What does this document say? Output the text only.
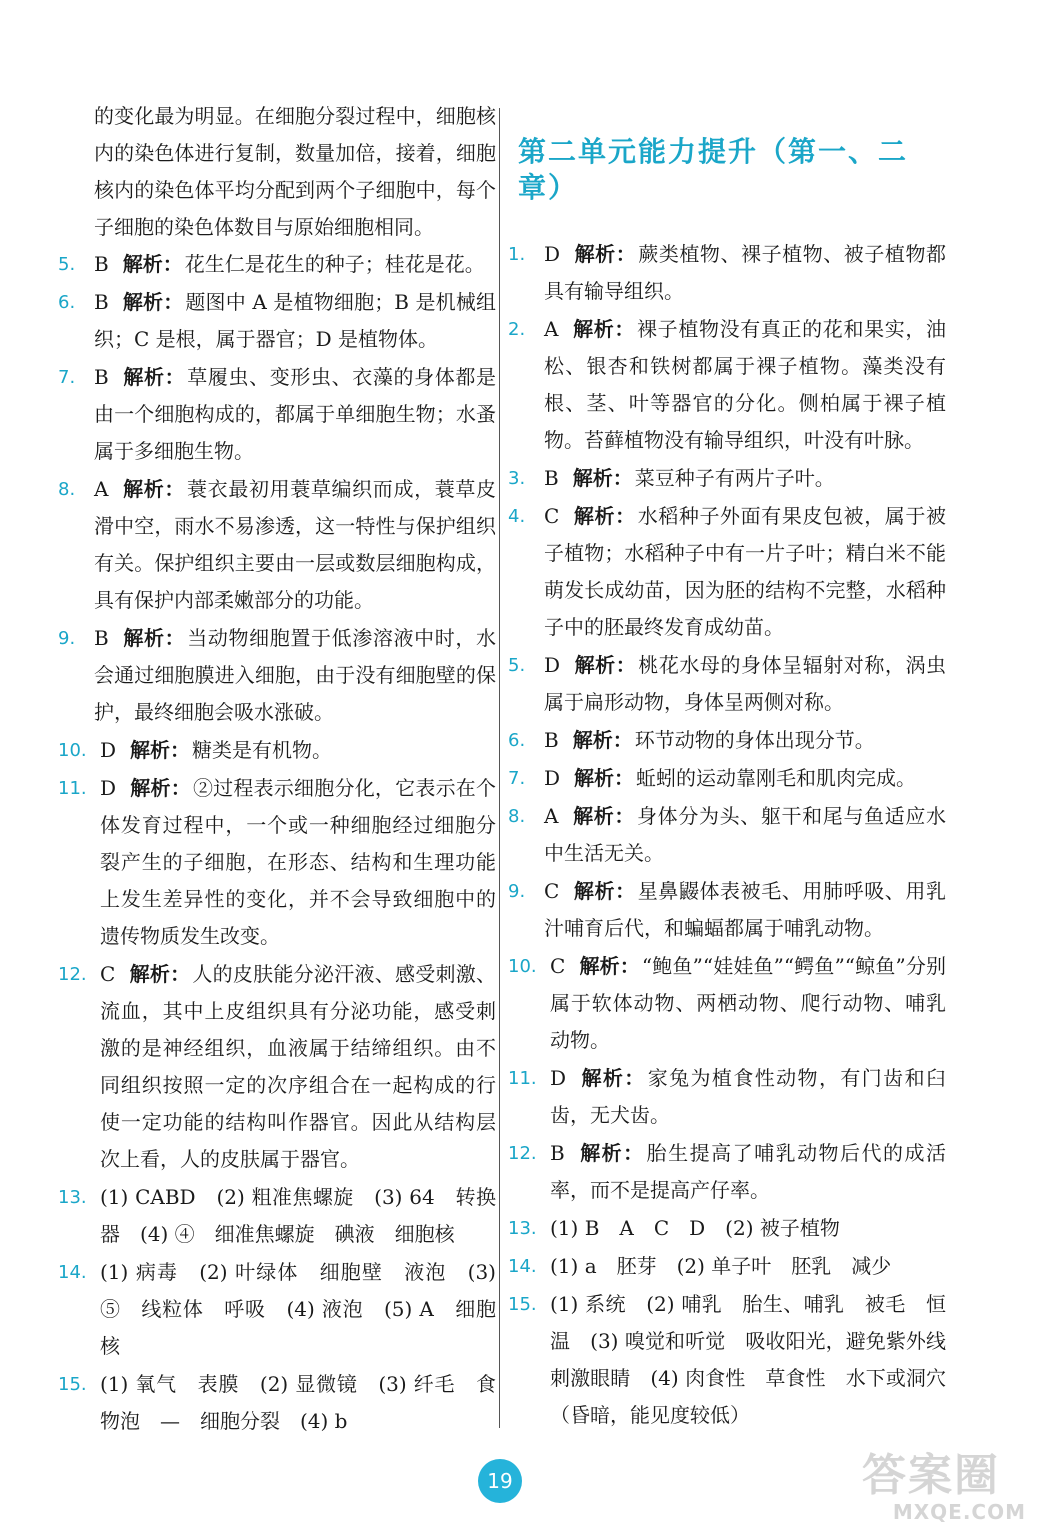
的变化最为明显。在细胞分裂过程中，细胞核内的染色体进行复制，数量加倍，接着，细胞核内的染色体平均分配到两个子细胞中，每个子细胞的染色体数目与原始细胞相同。
5. B 解析： 花生仁是花生的种子；桂花是花。
6. B 解析： 题图中 A 是植物细胞；B 是机械组织；C 是根，属于器官；D 是植物体。
7. B 解析： 草履虫、变形虫、衣藻的身体都是由一个细胞构成的，都属于单细胞生物；水蚤属于多细胞生物。
8. A 解析： 蓑衣最初用蓑草编织而成，蓑草皮滑中空，雨水不易渗透，这一特性与保护组织有关。保护组织主要由一层或数层细胞构成，具有保护内部柔嫩部分的功能。
9. B 解析： 当动物细胞置于低渗溶液中时，水会通过细胞膜进入细胞，由于没有细胞壁的保护，最终细胞会吸水涨破。
10. D 解析： 糖类是有机物。
11. D 解析： ②过程表示细胞分化，它表示在个体发育过程中，一个或一种细胞经过细胞分裂产生的子细胞，在形态、结构和生理功能上发生差异性的变化，并不会导致细胞中的遗传物质发生改变。
12. C 解析： 人的皮肤能分泌汗液、感受刺激、流血，其中上皮组织具有分泌功能，感受刺激的是神经组织，血液属于结缔组织。由不同组织按照一定的次序组合在一起构成的行使一定功能的结构叫作器官。因此从结构层次上看，人的皮肤属于器官。
13. (1) CABD　(2) 粗准焦螺旋　(3) 64　转换器　(4) ④　细准焦螺旋　碘液　细胞核
14. (1) 病毒　(2) 叶绿体　细胞壁　液泡　(3) ⑤　线粒体　呼吸　(4) 液泡　(5) A　细胞核
15. (1) 氧气　表膜　(2) 显微镜　(3) 纤毛　食物泡　—　细胞分裂　(4) b
第二单元能力提升（第一、二章）
1. D 解析： 蕨类植物、裸子植物、被子植物都具有输导组织。
2. A 解析： 裸子植物没有真正的花和果实，油松、银杏和铁树都属于裸子植物。藻类没有根、茎、叶等器官的分化。侧柏属于裸子植物。苔藓植物没有输导组织，叶没有叶脉。
3. B 解析： 菜豆种子有两片子叶。
4. C 解析： 水稻种子外面有果皮包被，属于被子植物；水稻种子中有一片子叶；精白米不能萌发长成幼苗，因为胚的结构不完整，水稻种子中的胚最终发育成幼苗。
5. D 解析： 桃花水母的身体呈辐射对称，涡虫属于扁形动物，身体呈两侧对称。
6. B 解析： 环节动物的身体出现分节。
7. D 解析： 蚯蚓的运动靠刚毛和肌肉完成。
8. A 解析： 身体分为头、躯干和尾与鱼适应水中生活无关。
9. C 解析： 星鼻鼹体表被毛、用肺呼吸、用乳汁哺育后代，和蝙蝠都属于哺乳动物。
10. C 解析： “鲍鱼”“娃娃鱼”“鳄鱼”“鲸鱼”分别属于软体动物、两栖动物、爬行动物、哺乳动物。
11. D 解析： 家兔为植食性动物，有门齿和臼齿，无犬齿。
12. B 解析： 胎生提高了哺乳动物后代的成活率，而不是提高产仔率。
13. (1) B　A　C　D　(2) 被子植物
14. (1) a　胚芽　(2) 单子叶　胚乳　减少
15. (1) 系统　(2) 哺乳　胎生、哺乳　被毛　恒温　(3) 嗅觉和听觉　吸收阳光，避免紫外线刺激眼睛　(4) 肉食性　草食性　水下或洞穴（昏暗，能见度较低）
19	答案圈
MXQE.COM
